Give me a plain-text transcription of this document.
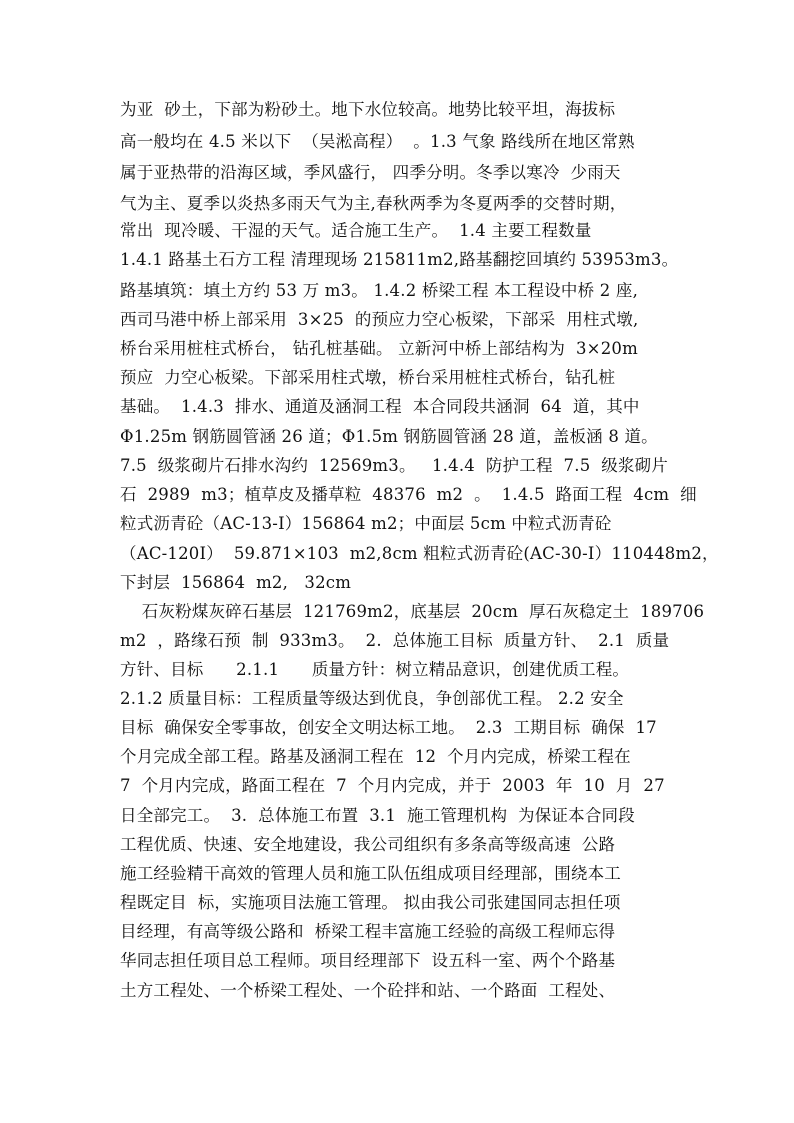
为亚  砂土，下部为粉砂土。地下水位较高。地势比较平坦，海拔标
高一般均在 4.5 米以下  （吴淞高程）  。1.3 气象 路线所在地区常熟
属于亚热带的沿海区域，季风盛行， 四季分明。冬季以寒冷  少雨天
气为主、夏季以炎热多雨天气为主,春秋两季为冬夏两季的交替时期，
常出  现冷暖、干湿的天气。适合施工生产。  1.4 主要工程数量
1.4.1 路基土石方工程 清理现场 215811m2,路基翻挖回填约 53953m3。
路基填筑：填土方约 53 万 m3。 1.4.2 桥梁工程 本工程设中桥 2 座,
西司马港中桥上部采用  3×25  的预应力空心板梁，下部采  用柱式墩,
桥台采用桩柱式桥台， 钻孔桩基础。 立新河中桥上部结构为  3×20m
预应  力空心板梁。下部采用柱式墩，桥台采用桩柱式桥台，钻孔桩
基础。  1.4.3  排水、通道及涵洞工程  本合同段共涵洞  64  道，其中
Φ1.25m 钢筋圆管涵 26 道；Φ1.5m 钢筋圆管涵 28 道，盖板涵 8 道。
7.5  级浆砌片石排水沟约  12569m3。   1.4.4  防护工程  7.5  级浆砌片
石  2989  m3；植草皮及播草粒  48376  m2  。  1.4.5  路面工程  4cm  细
粒式沥青砼（AC-13-I）156864 m2；中面层 5cm 中粒式沥青砼
（AC-120I）  59.871×103  m2,8cm 粗粒式沥青砼(AC-30-I）110448m2，
下封层  156864  m2,   32cm
石灰粉煤灰碎石基层  121769m2，底基层  20cm  厚石灰稳定土  189706
m2  ，路缘石预  制  933m3。  2.  总体施工目标  质量方针、  2.1  质量
方针、目标      2.1.1      质量方针：树立精品意识，创建优质工程。
2.1.2 质量目标：工程质量等级达到优良，争创部优工程。 2.2 安全
目标  确保安全零事故，创安全文明达标工地。  2.3  工期目标  确保  17
个月完成全部工程。路基及涵洞工程在  12  个月内完成，桥梁工程在
7  个月内完成，路面工程在  7  个月内完成，并于  2003  年  10  月  27
日全部完工。  3.  总体施工布置  3.1  施工管理机构  为保证本合同段
工程优质、快速、安全地建设，我公司组织有多条高等级高速  公路
施工经验精干高效的管理人员和施工队伍组成项目经理部，围绕本工
程既定目  标，实施项目法施工管理。 拟由我公司张建国同志担任项
目经理，有高等级公路和  桥梁工程丰富施工经验的高级工程师忘得
华同志担任项目总工程师。项目经理部下  设五科一室、两个个路基
土方工程处、一个桥梁工程处、一个砼拌和站、一个路面  工程处、
